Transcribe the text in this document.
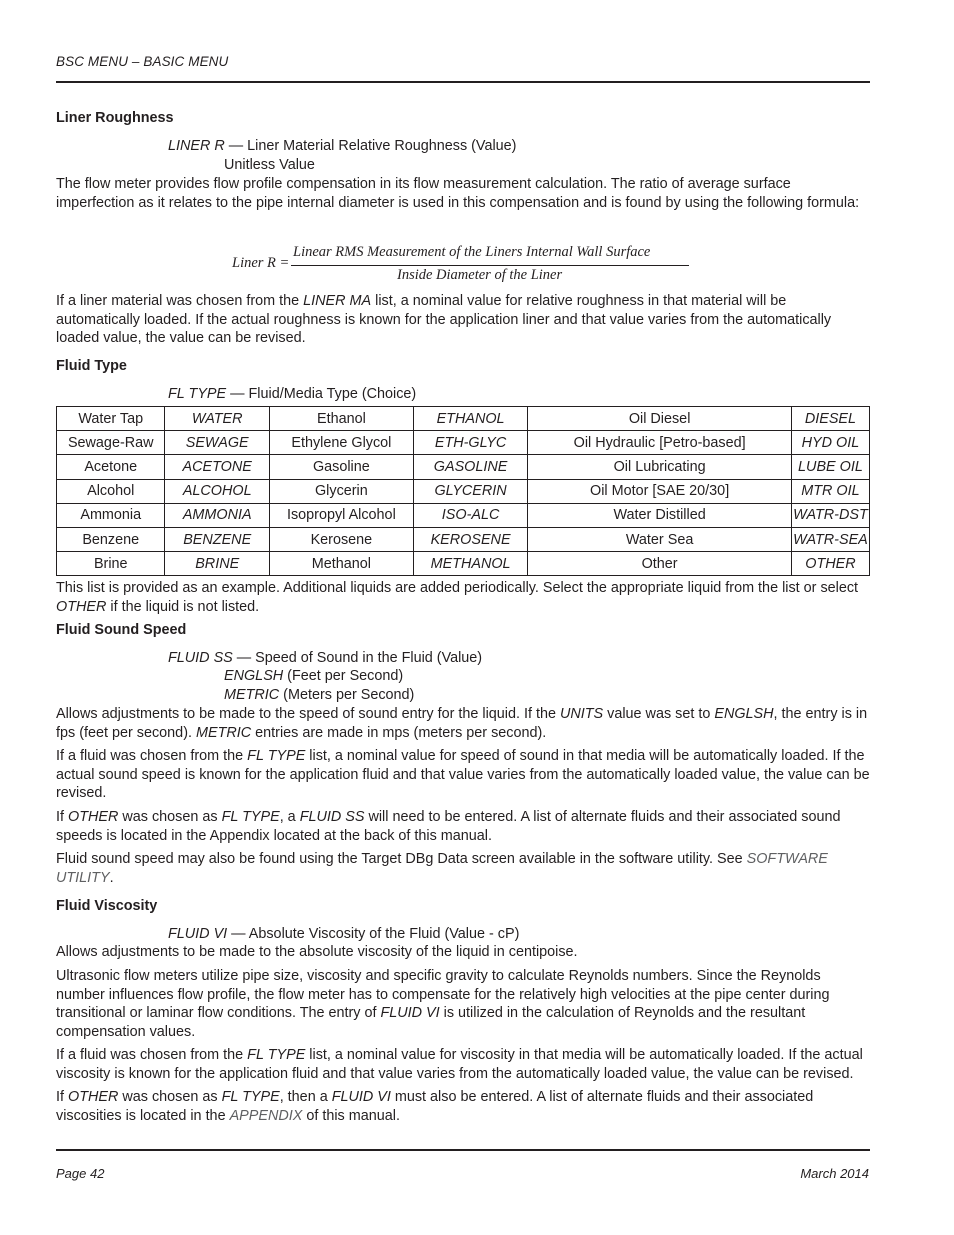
BSC MENU – BASIC MENU
Liner Roughness
LINER R — Liner Material Relative Roughness (Value)
Unitless Value
The flow meter provides flow profile compensation in its flow measurement calculation. The ratio of average surface imperfection as it relates to the pipe internal diameter is used in this compensation and is found by using the following formula:
Liner R =
Linear RMS Measurement of the Liners Internal Wall Surface
Inside Diameter of the Liner
If a liner material was chosen from the LINER MA list, a nominal value for relative roughness in that material will be automatically loaded. If the actual roughness is known for the application liner and that value varies from the automatically loaded value, the value can be revised.
Fluid Type
FL TYPE — Fluid/Media Type (Choice)
Water Tap	WATER	Ethanol	ETHANOL	Oil Diesel	DIESEL
Sewage-Raw	SEWAGE	Ethylene Glycol	ETH-GLYC	Oil Hydraulic [Petro-based]	HYD OIL
Acetone	ACETONE	Gasoline	GASOLINE	Oil Lubricating	LUBE OIL
Alcohol	ALCOHOL	Glycerin	GLYCERIN	Oil Motor [SAE 20/30]	MTR OIL
Ammonia	AMMONIA	Isopropyl Alcohol	ISO-ALC	Water Distilled	WATR-DST
Benzene	BENZENE	Kerosene	KEROSENE	Water Sea	WATR-SEA
Brine	BRINE	Methanol	METHANOL	Other	OTHER
This list is provided as an example. Additional liquids are added periodically. Select the appropriate liquid from the list or select OTHER if the liquid is not listed.
Fluid Sound Speed
FLUID SS — Speed of Sound in the Fluid (Value)
ENGLSH (Feet per Second)
METRIC (Meters per Second)
Allows adjustments to be made to the speed of sound entry for the liquid. If the UNITS value was set to ENGLSH, the entry is in fps (feet per second). METRIC entries are made in mps (meters per second).
If a fluid was chosen from the FL TYPE list, a nominal value for speed of sound in that media will be automatically loaded. If the actual sound speed is known for the application fluid and that value varies from the automatically loaded value, the value can be revised.
If OTHER was chosen as FL TYPE, a FLUID SS will need to be entered. A list of alternate fluids and their associated sound speeds is located in the Appendix located at the back of this manual.
Fluid sound speed may also be found using the Target DBg Data screen available in the software utility. See SOFTWARE UTILITY.
Fluid Viscosity
FLUID VI — Absolute Viscosity of the Fluid (Value - cP)
Allows adjustments to be made to the absolute viscosity of the liquid in centipoise.
Ultrasonic flow meters utilize pipe size, viscosity and specific gravity to calculate Reynolds numbers. Since the Reynolds number influences flow profile, the flow meter has to compensate for the relatively high velocities at the pipe center during transitional or laminar flow conditions. The entry of FLUID VI is utilized in the calculation of Reynolds and the resultant compensation values.
If a fluid was chosen from the FL TYPE list, a nominal value for viscosity in that media will be automatically loaded. If the actual viscosity is known for the application fluid and that value varies from the automatically loaded value, the value can be revised.
If OTHER was chosen as FL TYPE, then a FLUID VI must also be entered. A list of alternate fluids and their associated viscosities is located in the APPENDIX of this manual.
Page 42	March 2014
